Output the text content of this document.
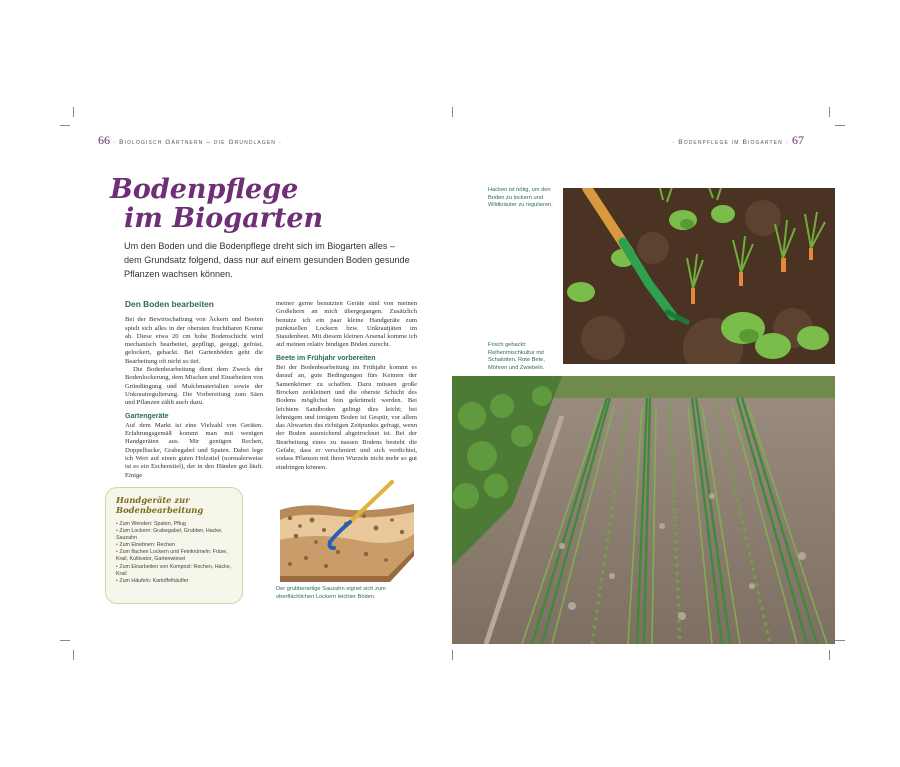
66 · Biologisch Gärtnern – die Grundlagen ·	· Bodenpflege im Biogarten · 67
Bodenpflege
im Biogarten
Um den Boden und die Bodenpflege dreht sich im Biogarten alles – dem Grundsatz folgend, dass nur auf einem gesunden Boden gesunde Pflanzen wachsen können.
Den Boden bearbeiten

Bei der Bewirtschaftung von Äckern und Beeten spielt sich alles in der obersten fruchtbaren Krume ab. Diese etwa 20 cm hohe Bodenschicht wird mechanisch bearbeitet, gepflügt, geeggt, gefräst, gelockert, gehackt. Bei Gartenböden geht die Bearbeitung oft nicht so tief.

Die Bodenbearbeitung dient dem Zweck der Bodenlockerung, dem Mischen und Einarbeiten von Gründüngung und Mulchmaterialien sowie der Unkrautregulierung. Die Vorbereitung zum Säen und Pflanzen zählt auch dazu.

Gartengeräte

Auf dem Markt ist eine Vielzahl von Geräten. Erfahrungsgemäß kommt man mit wenigen Handgeräten aus. Mir genügen Rechen, Doppelhacke, Grabegabel und Spaten. Dabei lege ich Wert auf einen guten Holzstiel (normalerweise ist es ein Eschenstiel), der in den Händen gut läuft. Einige

meiner gerne benutzten Geräte sind von meinen Großeltern an mich übergegangen. Zusätzlich benutze ich ein paar kleine Handgeräte zum punktuellen Lockern bzw. Unkrautjäten im Staudenbeet. Mit diesem kleinen Arsenal komme ich auf meinen relativ bindigen Böden zurecht.

Beete im Frühjahr vorbereiten

Bei der Bodenbearbeitung im Frühjahr kommt es darauf an, gute Bedingungen fürs Keimen der Samenkörner zu schaffen. Dazu müssen große Brocken zerkleinert und die oberste Schicht des Bodens möglichst fein gekrümelt werden. Bei leichtem Sandboden gelingt dies leicht; bei lehmigem und tonigem Boden ist Gespür, vor allem das Abwarten des richtigen Zeitpunkts gefragt, wenn der Boden ausreichend abgetrocknet ist. Bei der Bearbeitung eines zu nassen Bodens besteht die Gefahr, dass er verschmiert und sich verdichtet, sodass Pflanzen mit ihren Wurzeln nicht mehr so gut eindringen können.

Handgeräte zur Bodenbearbeitung
• Zum Wenden: Spaten, Pflug
• Zum Lockern: Grabegabel, Grubber, Hacke, Sauzahn
• Zum Einebnen: Rechen
• Zum flachen Lockern und Feinkrümeln: Fräse, Krail, Kultivator, Gartenwiesel
• Zum Einarbeiten von Kompost: Rechen, Hacke, Krail
• Zum Häufeln: Kartoffelhäufler
Der grubberartige Sauzahn eignet sich zum oberflächlichen Lockern leichter Böden.
Hacken ist nötig, um den Boden zu lockern und Wildkräuter zu regulieren.
Frisch gehackt: Reihenmischkultur mit Schalotten, Rote Bete, Möhren und Zwiebeln.
